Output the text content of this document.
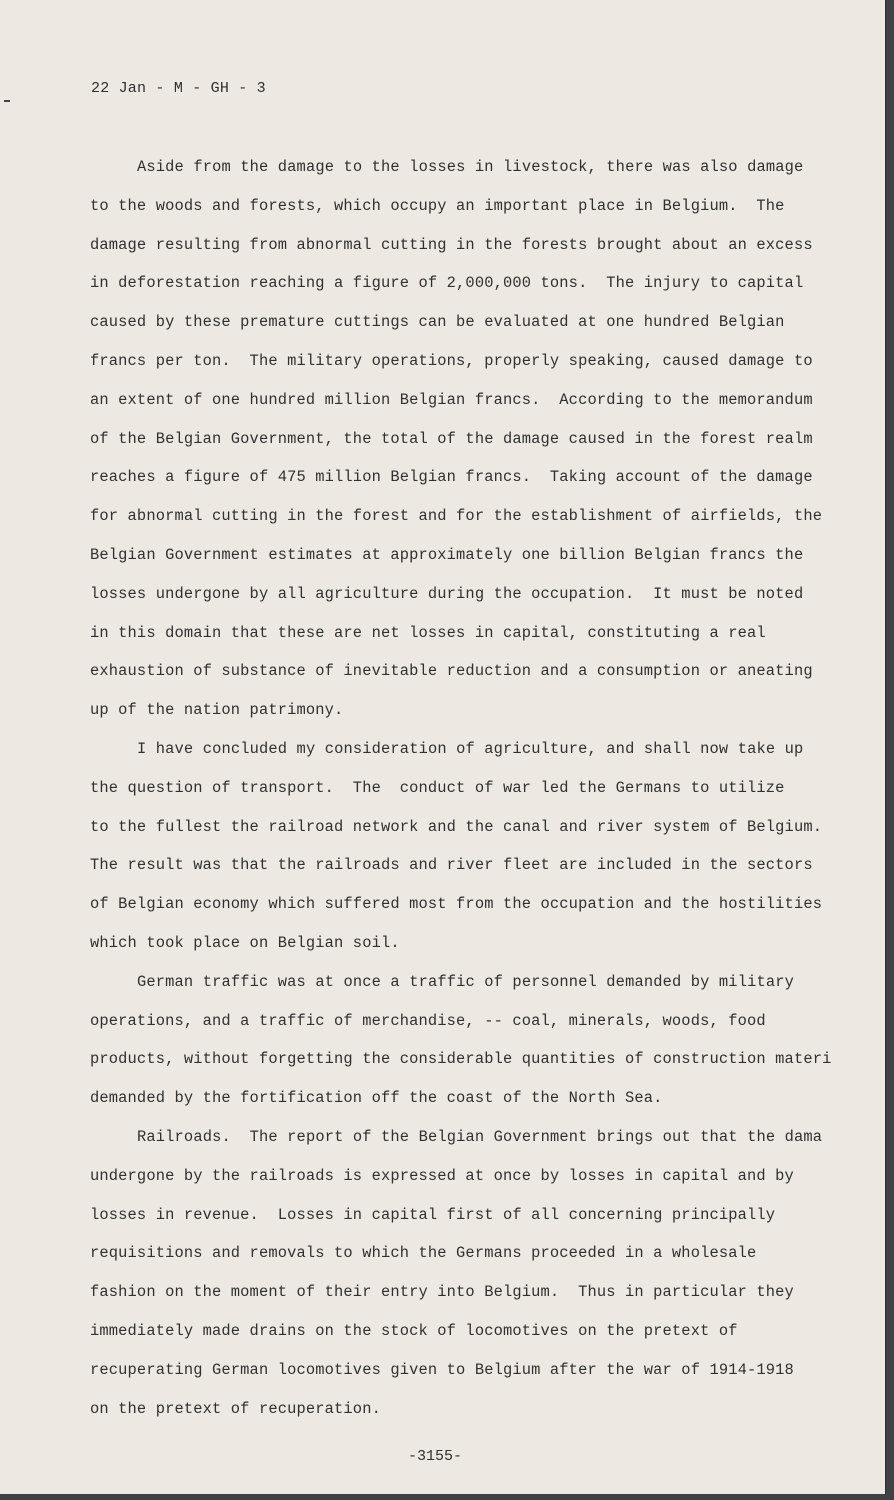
22 Jan - M - GH - 3
Aside from the damage to the losses in livestock, there was also damage
to the woods and forests, which occupy an important place in Belgium.  The
damage resulting from abnormal cutting in the forests brought about an excess
in deforestation reaching a figure of 2,000,000 tons.  The injury to capital
caused by these premature cuttings can be evaluated at one hundred Belgian
francs per ton.  The military operations, properly speaking, caused damage to
an extent of one hundred million Belgian francs.  According to the memorandum
of the Belgian Government, the total of the damage caused in the forest realm
reaches a figure of 475 million Belgian francs.  Taking account of the damage
for abnormal cutting in the forest and for the establishment of airfields, the
Belgian Government estimates at approximately one billion Belgian francs the
losses undergone by all agriculture during the occupation.  It must be noted
in this domain that these are net losses in capital, constituting a real
exhaustion of substance of inevitable reduction and a consumption or aneating
up of the nation patrimony.
I have concluded my consideration of agriculture, and shall now take up
the question of transport.  The  conduct of war led the Germans to utilize
to the fullest the railroad network and the canal and river system of Belgium.
The result was that the railroads and river fleet are included in the sectors
of Belgian economy which suffered most from the occupation and the hostilities
which took place on Belgian soil.
German traffic was at once a traffic of personnel demanded by military
operations, and a traffic of merchandise, -- coal, minerals, woods, food
products, without forgetting the considerable quantities of construction materi
demanded by the fortification off the coast of the North Sea.
Railroads.  The report of the Belgian Government brings out that the dama
undergone by the railroads is expressed at once by losses in capital and by
losses in revenue.  Losses in capital first of all concerning principally
requisitions and removals to which the Germans proceeded in a wholesale
fashion on the moment of their entry into Belgium.  Thus in particular they
immediately made drains on the stock of locomotives on the pretext of
recuperating German locomotives given to Belgium after the war of 1914-1918
on the pretext of recuperation.
-3155-
